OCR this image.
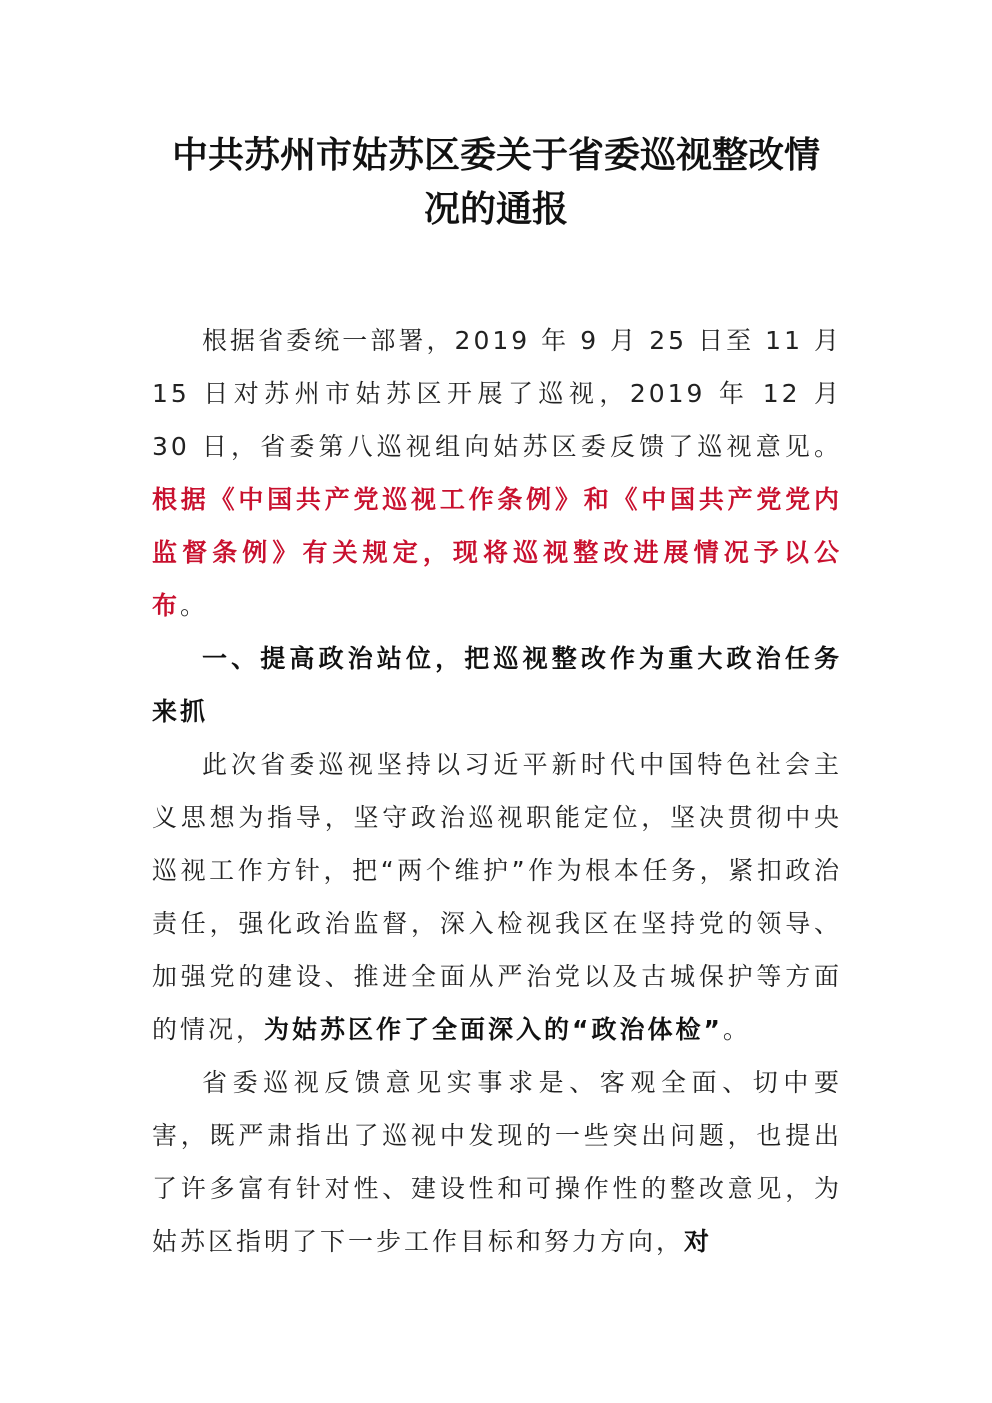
中共苏州市姑苏区委关于省委巡视整改情
况的通报

根据省委统一部署，2019 年 9 月 25 日至 11 月 15 日对苏州市姑苏区开展了巡视，2019 年 12 月 30 日，省委第八巡视组向姑苏区委反馈了巡视意见。根据《中国共产党巡视工作条例》和《中国共产党党内监督条例》有关规定，现将巡视整改进展情况予以公布。

一、提高政治站位，把巡视整改作为重大政治任务来抓

此次省委巡视坚持以习近平新时代中国特色社会主义思想为指导，坚守政治巡视职能定位，坚决贯彻中央巡视工作方针，把“两个维护”作为根本任务，紧扣政治责任，强化政治监督，深入检视我区在坚持党的领导、加强党的建设、推进全面从严治党以及古城保护等方面的情况，为姑苏区作了全面深入的“政治体检”。

省委巡视反馈意见实事求是、客观全面、切中要害，既严肃指出了巡视中发现的一些突出问题，也提出了许多富有针对性、建设性和可操作性的整改意见，为姑苏区指明了下一步工作目标和努力方向，对
